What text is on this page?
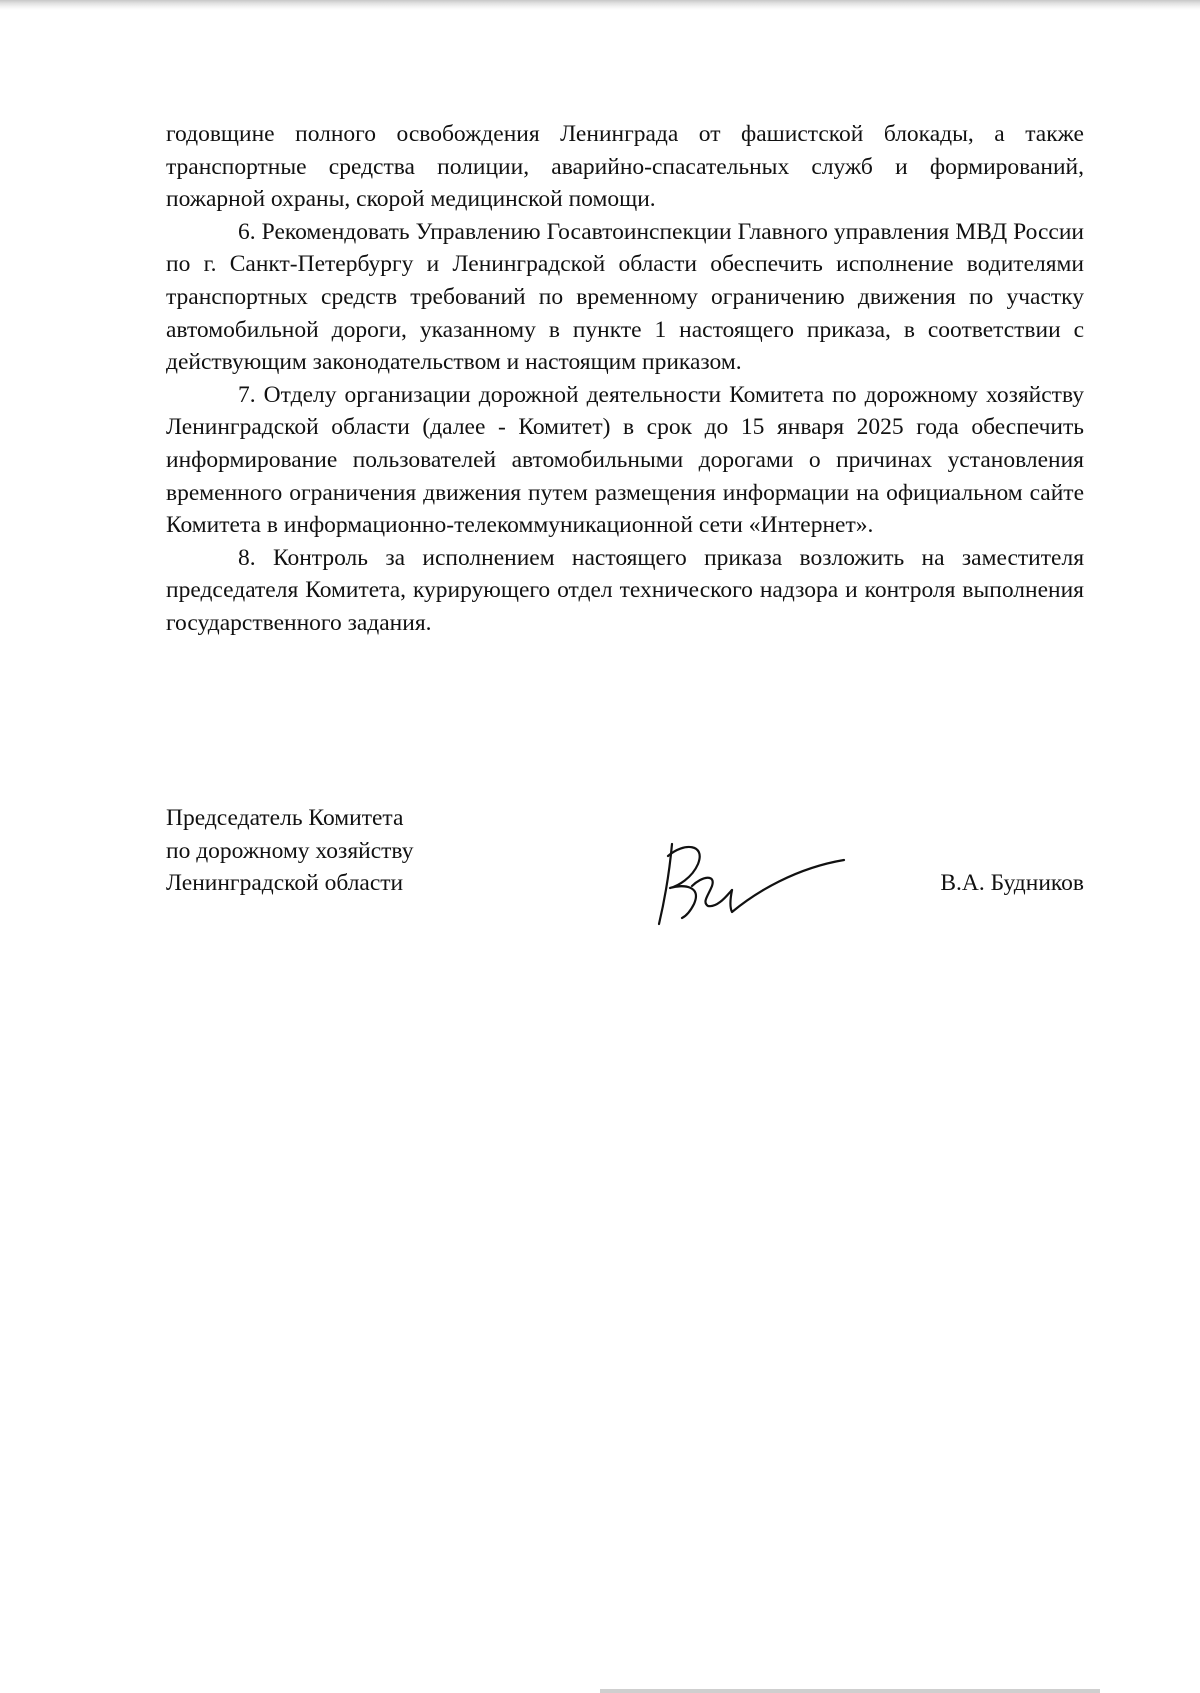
годовщине полного освобождения Ленинграда от фашистской блокады, а также транспортные средства полиции, аварийно-спасательных служб и формирований, пожарной охраны, скорой медицинской помощи.

6. Рекомендовать Управлению Госавтоинспекции Главного управления МВД России по г. Санкт-Петербургу и Ленинградской области обеспечить исполнение водителями транспортных средств требований по временному ограничению движения по участку автомобильной дороги, указанному в пункте 1 настоящего приказа, в соответствии с действующим законодательством и настоящим приказом.

7. Отделу организации дорожной деятельности Комитета по дорожному хозяйству Ленинградской области (далее - Комитет) в срок до 15 января 2025 года обеспечить информирование пользователей автомобильными дорогами о причинах установления временного ограничения движения путем размещения информации на официальном сайте Комитета в информационно-телекоммуникационной сети «Интернет».

8. Контроль за исполнением настоящего приказа возложить на заместителя председателя Комитета, курирующего отдел технического надзора и контроля выполнения государственного задания.

Председатель Комитета
по дорожному хозяйству
Ленинградской области	В.А. Будников
